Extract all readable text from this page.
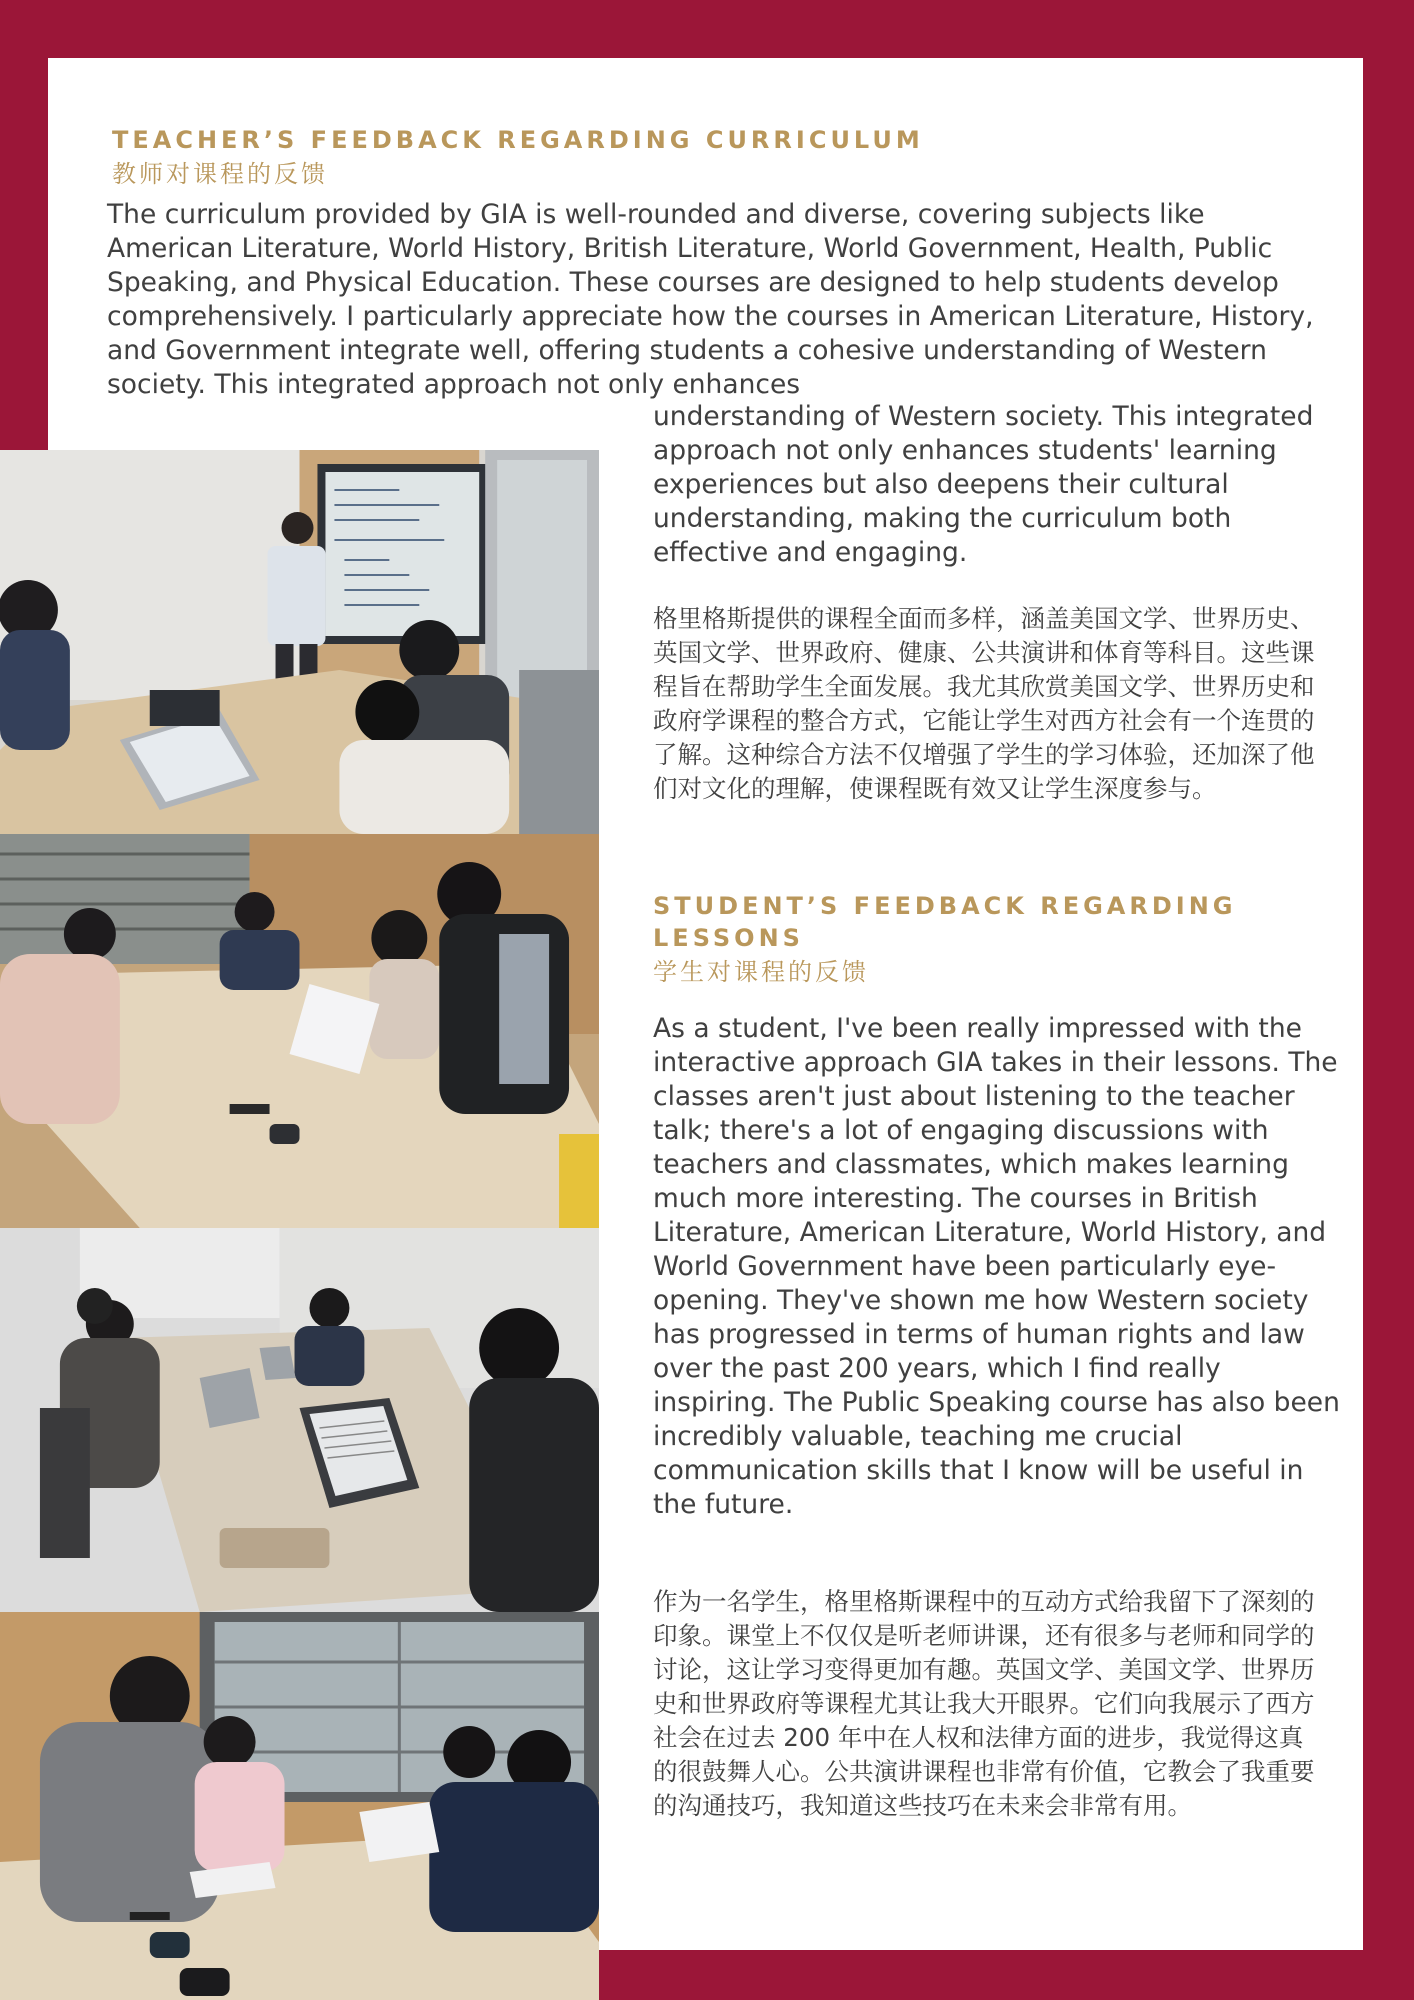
TEACHER’S FEEDBACK REGARDING CURRICULUM
教师对课程的反馈

The curriculum provided by GIA is well-rounded and diverse, covering subjects like American Literature, World History, British Literature, World Government, Health, Public Speaking, and Physical Education. These courses are designed to help students develop comprehensively. I particularly appreciate how the courses in American Literature, History, and Government integrate well, offering students a cohesive understanding of Western society. This integrated approach not only enhances

understanding of Western society. This integrated approach not only enhances students' learning experiences but also deepens their cultural understanding, making the curriculum both effective and engaging.

格里格斯提供的课程全面而多样，涵盖美国文学、世界历史、英国文学、世界政府、健康、公共演讲和体育等科目。这些课程旨在帮助学生全面发展。我尤其欣赏美国文学、世界历史和政府学课程的整合方式，它能让学生对西方社会有一个连贯的了解。这种综合方法不仅增强了学生的学习体验，还加深了他们对文化的理解，使课程既有效又让学生深度参与。

STUDENT’S FEEDBACK REGARDING LESSONS
学生对课程的反馈

As a student, I've been really impressed with the interactive approach GIA takes in their lessons. The classes aren't just about listening to the teacher talk; there's a lot of engaging discussions with teachers and classmates, which makes learning much more interesting. The courses in British Literature, American Literature, World History, and World Government have been particularly eye-opening. They've shown me how Western society has progressed in terms of human rights and law over the past 200 years, which I find really inspiring. The Public Speaking course has also been incredibly valuable, teaching me crucial communication skills that I know will be useful in the future.

作为一名学生，格里格斯课程中的互动方式给我留下了深刻的印象。课堂上不仅仅是听老师讲课，还有很多与老师和同学的讨论，这让学习变得更加有趣。英国文学、美国文学、世界历史和世界政府等课程尤其让我大开眼界。它们向我展示了西方社会在过去 200 年中在人权和法律方面的进步，我觉得这真的很鼓舞人心。公共演讲课程也非常有价值，它教会了我重要的沟通技巧，我知道这些技巧在未来会非常有用。
